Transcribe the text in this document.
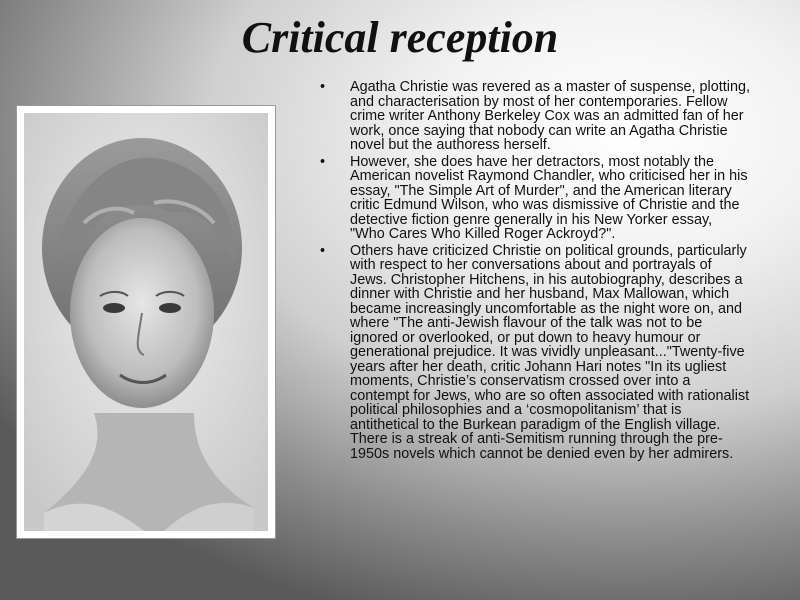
Critical reception
• Agatha Christie was revered as a master of suspense, plotting, and characterisation by most of her contemporaries. Fellow crime writer Anthony Berkeley Cox was an admitted fan of her work, once saying that nobody can write an Agatha Christie novel but the authoress herself.
• However, she does have her detractors, most notably the American novelist Raymond Chandler, who criticised her in his essay, "The Simple Art of Murder", and the American literary critic Edmund Wilson, who was dismissive of Christie and the detective fiction genre generally in his New Yorker essay, "Who Cares Who Killed Roger Ackroyd?".
• Others have criticized Christie on political grounds, particularly with respect to her conversations about and portrayals of Jews. Christopher Hitchens, in his autobiography, describes a dinner with Christie and her husband, Max Mallowan, which became increasingly uncomfortable as the night wore on, and where "The anti-Jewish flavour of the talk was not to be ignored or overlooked, or put down to heavy humour or generational prejudice. It was vividly unpleasant..."Twenty-five years after her death, critic Johann Hari notes "In its ugliest moments, Christie’s conservatism crossed over into a contempt for Jews, who are so often associated with rationalist political philosophies and a ‘cosmopolitanism’ that is antithetical to the Burkean paradigm of the English village. There is a streak of anti-Semitism running through the pre-1950s novels which cannot be denied even by her admirers.
